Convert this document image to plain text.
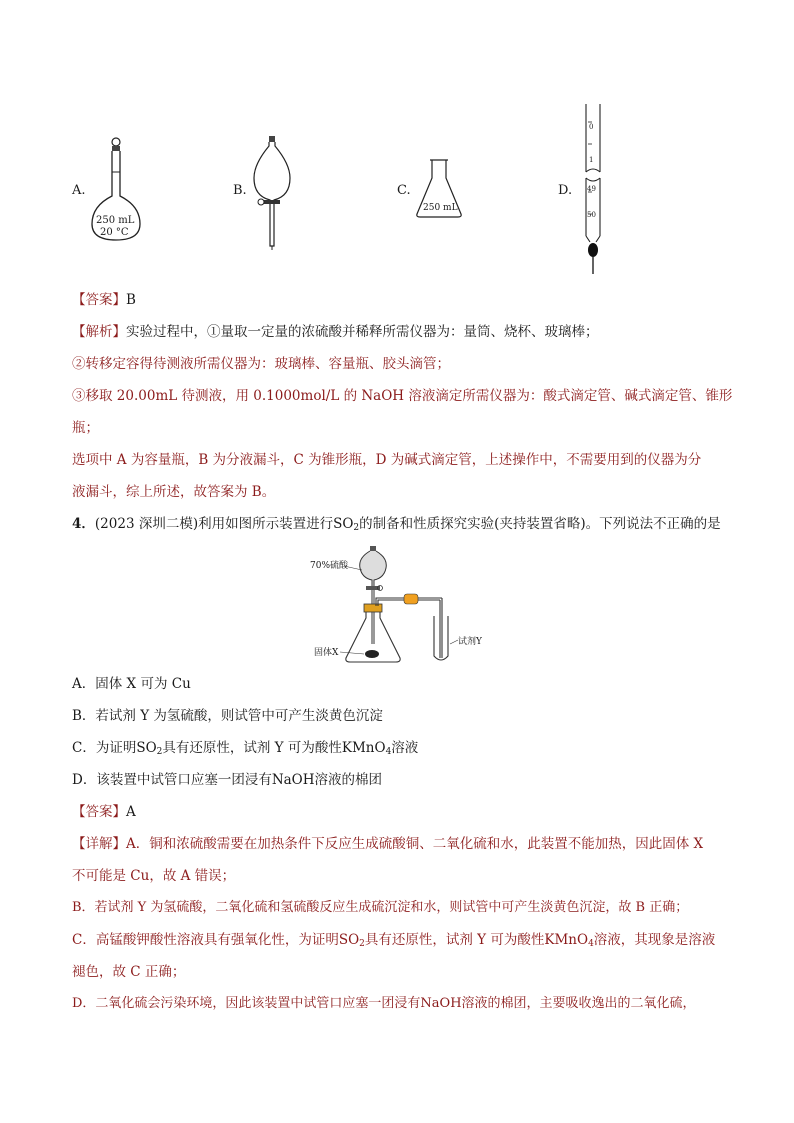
A.
250 mL
20 °C
B.	C.
250 mL
D.
0
1
49
50
【答案】B
【解析】实验过程中，①量取一定量的浓硫酸并稀释所需仪器为：量筒、烧杯、玻璃棒；
②转移定容得待测液所需仪器为：玻璃棒、容量瓶、胶头滴管；
③移取 20.00mL 待测液，用 0.1000mol/L 的 NaOH 溶液滴定所需仪器为：酸式滴定管、碱式滴定管、锥形
瓶；
选项中 A 为容量瓶，B 为分液漏斗，C 为锥形瓶，D 为碱式滴定管，上述操作中，不需要用到的仪器为分
液漏斗，综上所述，故答案为 B。
4．(2023 深圳二模)利用如图所示装置进行$SO_2$的制备和性质探究实验(夹持装置省略)。下列说法不正确的是
70%硫酸
固体X
试剂Y
A．固体 X 可为 Cu
B．若试剂 Y 为氢硫酸，则试管中可产生淡黄色沉淀
C．为证明$SO_2$具有还原性，试剂 Y 可为酸性KMnO$_4$溶液
D．该装置中试管口应塞一团浸有NaOH溶液的棉团
【答案】A
【详解】A．铜和浓硫酸需要在加热条件下反应生成硫酸铜、二氧化硫和水，此装置不能加热，因此固体 X
不可能是 Cu，故 A 错误；
B．若试剂 Y 为氢硫酸，二氧化硫和氢硫酸反应生成硫沉淀和水，则试管中可产生淡黄色沉淀，故 B 正确；
C．高锰酸钾酸性溶液具有强氧化性，为证明$SO_2$具有还原性，试剂 Y 可为酸性KMnO$_4$溶液，其现象是溶液
褪色，故 C 正确；
D．二氧化硫会污染环境，因此该装置中试管口应塞一团浸有NaOH溶液的棉团，主要吸收逸出的二氧化硫，
